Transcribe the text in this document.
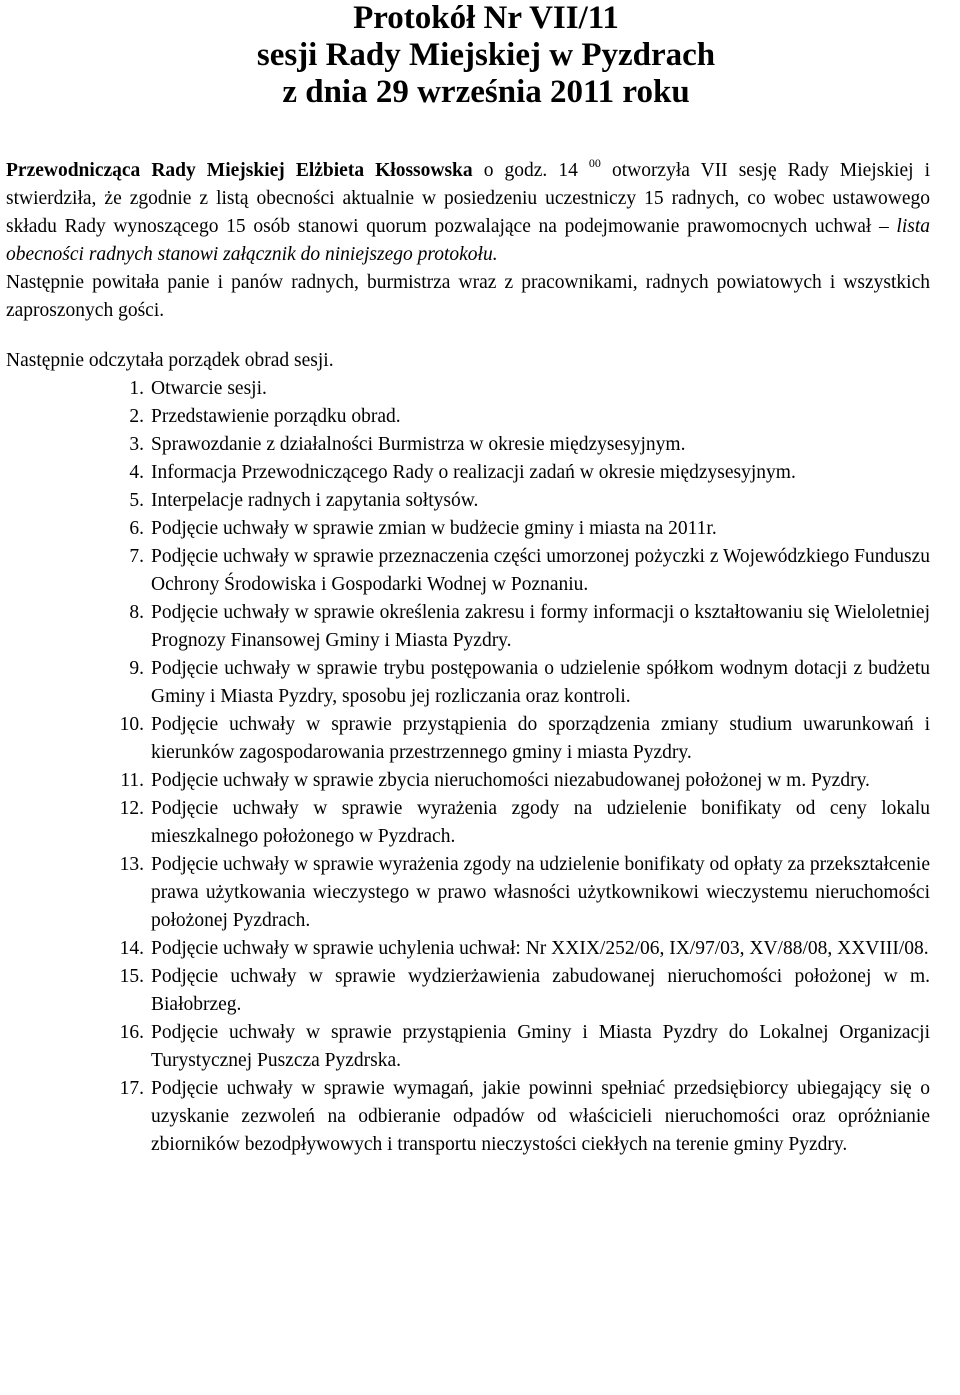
Protokół Nr VII/11
sesji Rady Miejskiej w Pyzdrach
z dnia 29 września 2011 roku

Przewodnicząca Rady Miejskiej Elżbieta Kłossowska o godz. 14 $^{00}$ otworzyła VII sesję Rady Miejskiej i stwierdziła, że zgodnie z listą obecności aktualnie w posiedzeniu uczestniczy 15 radnych, co wobec ustawowego składu Rady wynoszącego 15 osób stanowi quorum pozwalające na podejmowanie prawomocnych uchwał – lista obecności radnych stanowi załącznik do niniejszego protokołu.

Następnie powitała panie i panów radnych, burmistrza wraz z pracownikami, radnych powiatowych i wszystkich zaproszonych gości.

Następnie odczytała porządek obrad sesji.

1. Otwarcie sesji.
2. Przedstawienie porządku obrad.
3. Sprawozdanie z działalności Burmistrza w okresie międzysesyjnym.
4. Informacja Przewodniczącego Rady o realizacji zadań w okresie międzysesyjnym.
5. Interpelacje radnych i zapytania sołtysów.
6. Podjęcie uchwały w sprawie zmian w budżecie gminy i miasta na 2011r.
7. Podjęcie uchwały w sprawie przeznaczenia części umorzonej pożyczki z Wojewódzkiego Funduszu Ochrony Środowiska i Gospodarki Wodnej w Poznaniu.
8. Podjęcie uchwały w sprawie określenia zakresu i formy informacji o kształtowaniu się Wieloletniej Prognozy Finansowej Gminy i Miasta Pyzdry.
9. Podjęcie uchwały w sprawie trybu postępowania o udzielenie spółkom wodnym dotacji z budżetu Gminy i Miasta Pyzdry, sposobu jej rozliczania oraz kontroli.
10. Podjęcie uchwały w sprawie przystąpienia do sporządzenia zmiany studium uwarunkowań i kierunków zagospodarowania przestrzennego gminy i miasta Pyzdry.
11. Podjęcie uchwały w sprawie zbycia nieruchomości niezabudowanej położonej w m. Pyzdry.
12. Podjęcie uchwały w sprawie wyrażenia zgody na udzielenie bonifikaty od ceny lokalu mieszkalnego położonego w Pyzdrach.
13. Podjęcie uchwały w sprawie wyrażenia zgody na udzielenie bonifikaty od opłaty za przekształcenie prawa użytkowania wieczystego w prawo własności użytkownikowi wieczystemu nieruchomości położonej Pyzdrach.
14. Podjęcie uchwały w sprawie uchylenia uchwał: Nr XXIX/252/06, IX/97/03, XV/88/08, XXVIII/08.
15. Podjęcie uchwały w sprawie wydzierżawienia zabudowanej nieruchomości położonej w m. Białobrzeg.
16. Podjęcie uchwały w sprawie przystąpienia Gminy i Miasta Pyzdry do Lokalnej Organizacji Turystycznej Puszcza Pyzdrska.
17. Podjęcie uchwały w sprawie wymagań, jakie powinni spełniać przedsiębiorcy ubiegający się o uzyskanie zezwoleń na odbieranie odpadów od właścicieli nieruchomości oraz opróżnianie zbiorników bezodpływowych i transportu nieczystości ciekłych na terenie gminy Pyzdry.
